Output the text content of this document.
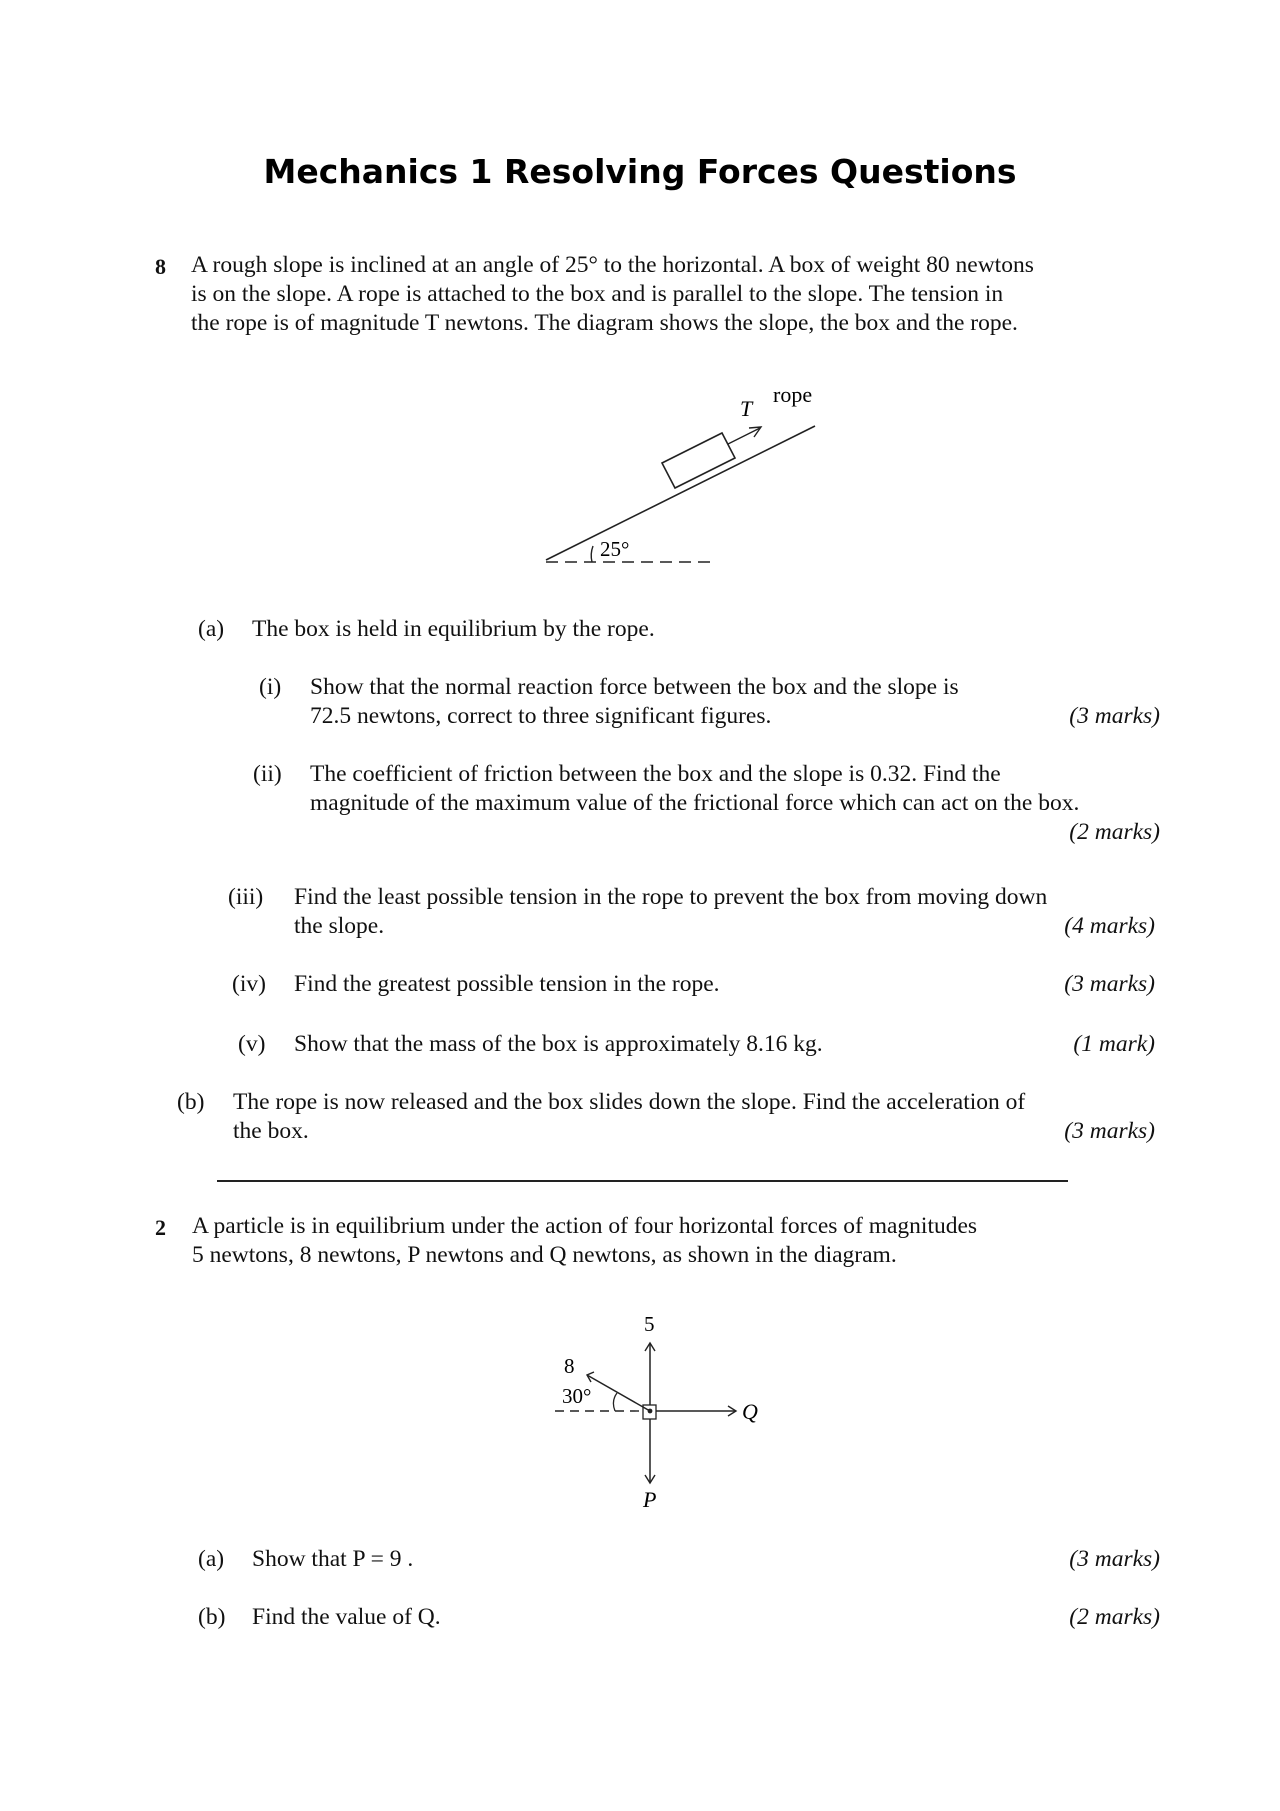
Mechanics 1 Resolving Forces Questions
8 A rough slope is inclined at an angle of 25° to the horizontal. A box of weight 80 newtons

is on the slope. A rope is attached to the box and is parallel to the slope. The tension in

the rope is of magnitude T newtons. The diagram shows the slope, the box and the rope.

25°
T
rope
(a) The box is held in equilibrium by the rope.
(i) Show that the normal reaction force between the box and the slope is

72.5 newtons, correct to three significant figures.	(3 marks)
(ii) The coefficient of friction between the box and the slope is 0.32. Find the

magnitude of the maximum value of the frictional force which can act on the box.

(2 marks)
(iii) Find the least possible tension in the rope to prevent the box from moving down

the slope.	(4 marks)
(iv) Find the greatest possible tension in the rope.	(3 marks)
(v) Show that the mass of the box is approximately 8.16 kg.	(1 mark)
(b) The rope is now released and the box slides down the slope. Find the acceleration of

the box.	(3 marks)
2 A particle is in equilibrium under the action of four horizontal forces of magnitudes

5 newtons, 8 newtons, P newtons and Q newtons, as shown in the diagram.

5
8
30°
Q
P
(a) Show that P = 9 .	(3 marks)
(b) Find the value of Q.	(2 marks)
